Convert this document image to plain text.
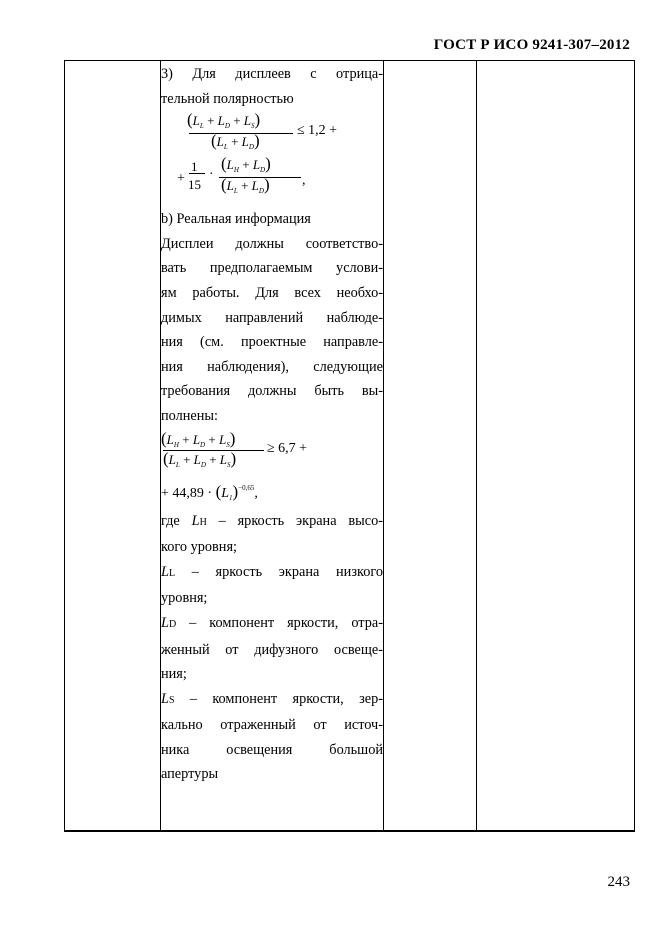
ГОСТ Р ИСО 9241-307–2012
3)  Для  дисплеев  с  отрицa-
тельной полярностью
$(L_L + L_D + L_S)$
$(L_L + L_D)$
≤ 1,2 +
+
1
15
·
$(L_H + L_D)$
$(L_L + L_D)$ ,
b) Реальная информация
Дисплеи должны соответство-
вать  предполагаемым  услови-
ям работы. Для всех необхо-
димых направлений наблюде-
ния (см. проектные направле-
ния наблюдения), следующие
требования должны быть вы-
полнены:
$(L_H + L_D + L_S)$
$(L_L + L_D + L_S)$
≥ 6,7 +
+ $44,89 \cdot (L_1)^{-0,65}$,
где LH – яркость экрана высо-
кого уровня;
LL – яркость экрана низкого
уровня;
LD – компонент яркости, отра-
женный от дифузного освеще-
ния;
LS – компонент яркости, зер-
кально отраженный от источ-
ника   освещения   большой
апертуры
243
